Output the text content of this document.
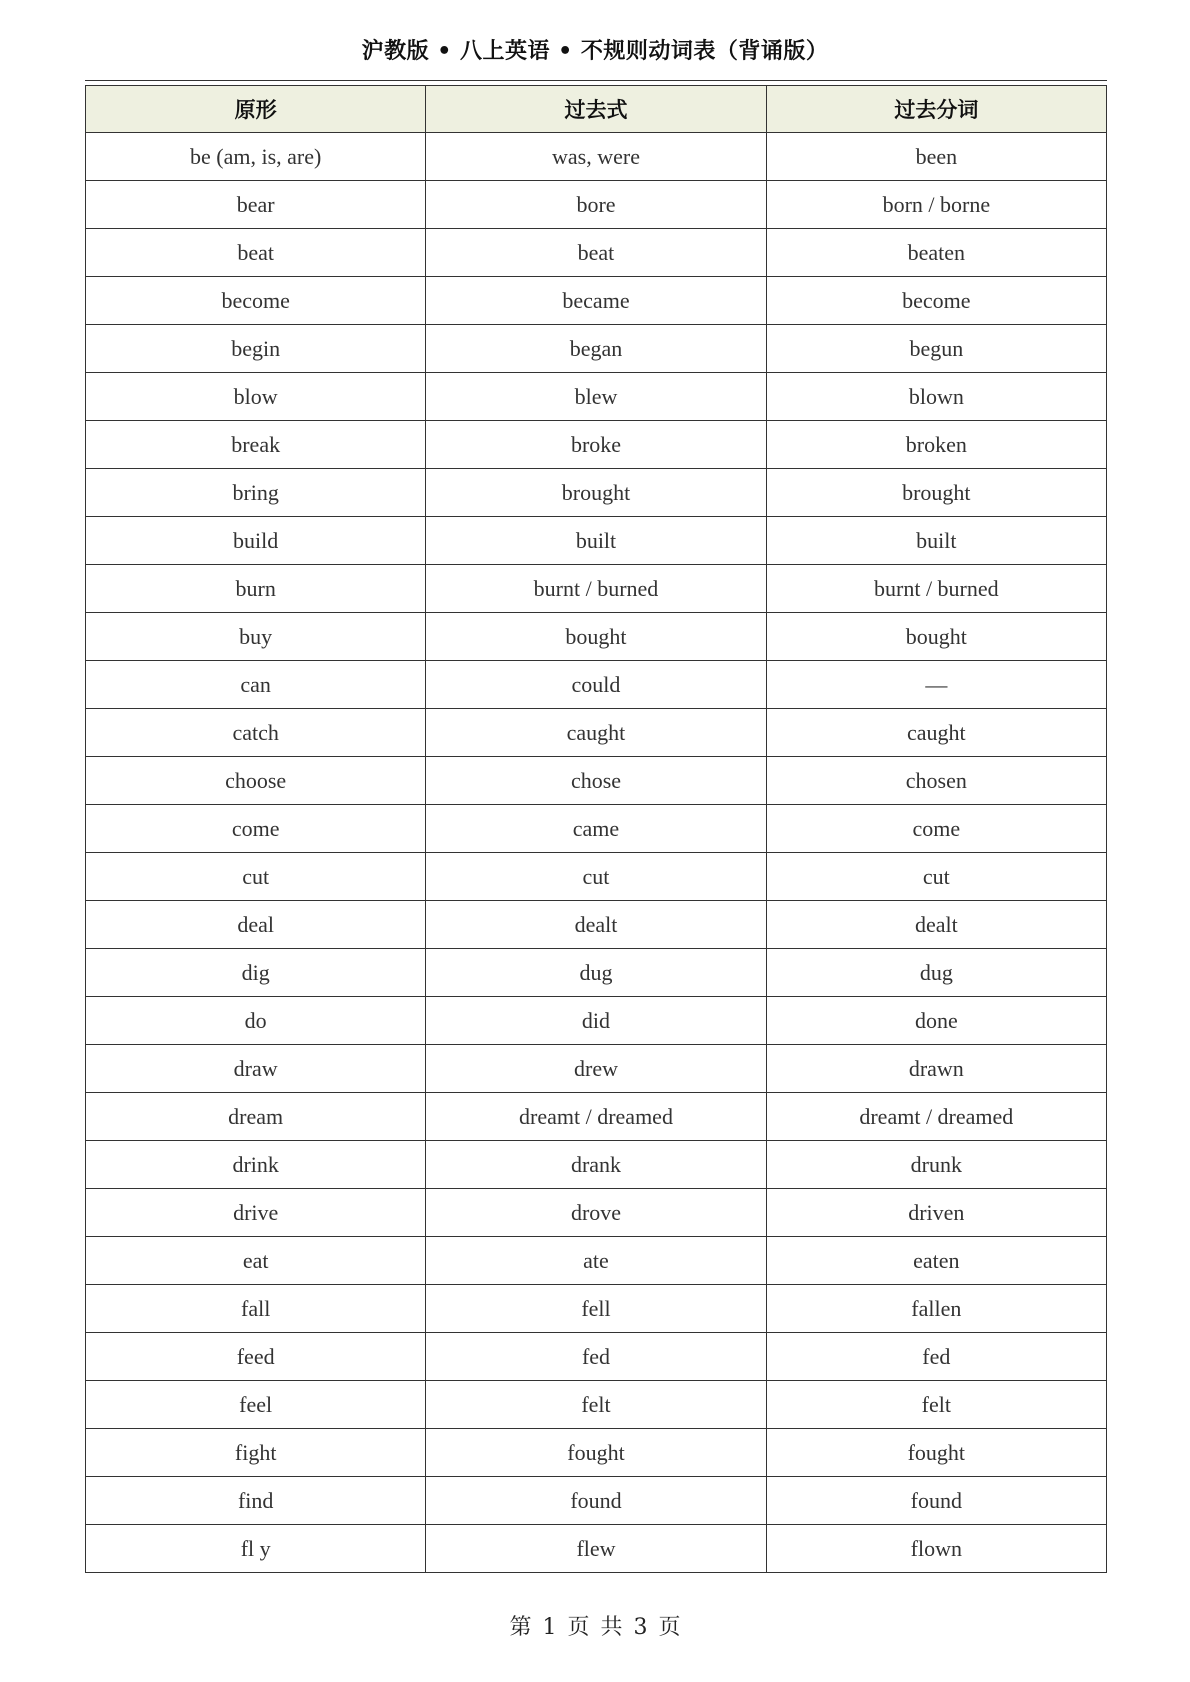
沪教版 • 八上英语 • 不规则动词表（背诵版）
原形	过去式	过去分词
be (am, is, are)	was, were	been
bear	bore	born / borne
beat	beat	beaten
become	became	become
begin	began	begun
blow	blew	blown
break	broke	broken
bring	brought	brought
build	built	built
burn	burnt / burned	burnt / burned
buy	bought	bought
can	could	—
catch	caught	caught
choose	chose	chosen
come	came	come
cut	cut	cut
deal	dealt	dealt
dig	dug	dug
do	did	done
draw	drew	drawn
dream	dreamt / dreamed	dreamt / dreamed
drink	drank	drunk
drive	drove	driven
eat	ate	eaten
fall	fell	fallen
feed	fed	fed
feel	felt	felt
fight	fought	fought
find	found	found
fl y	flew	flown
第 1 页 共 3 页
